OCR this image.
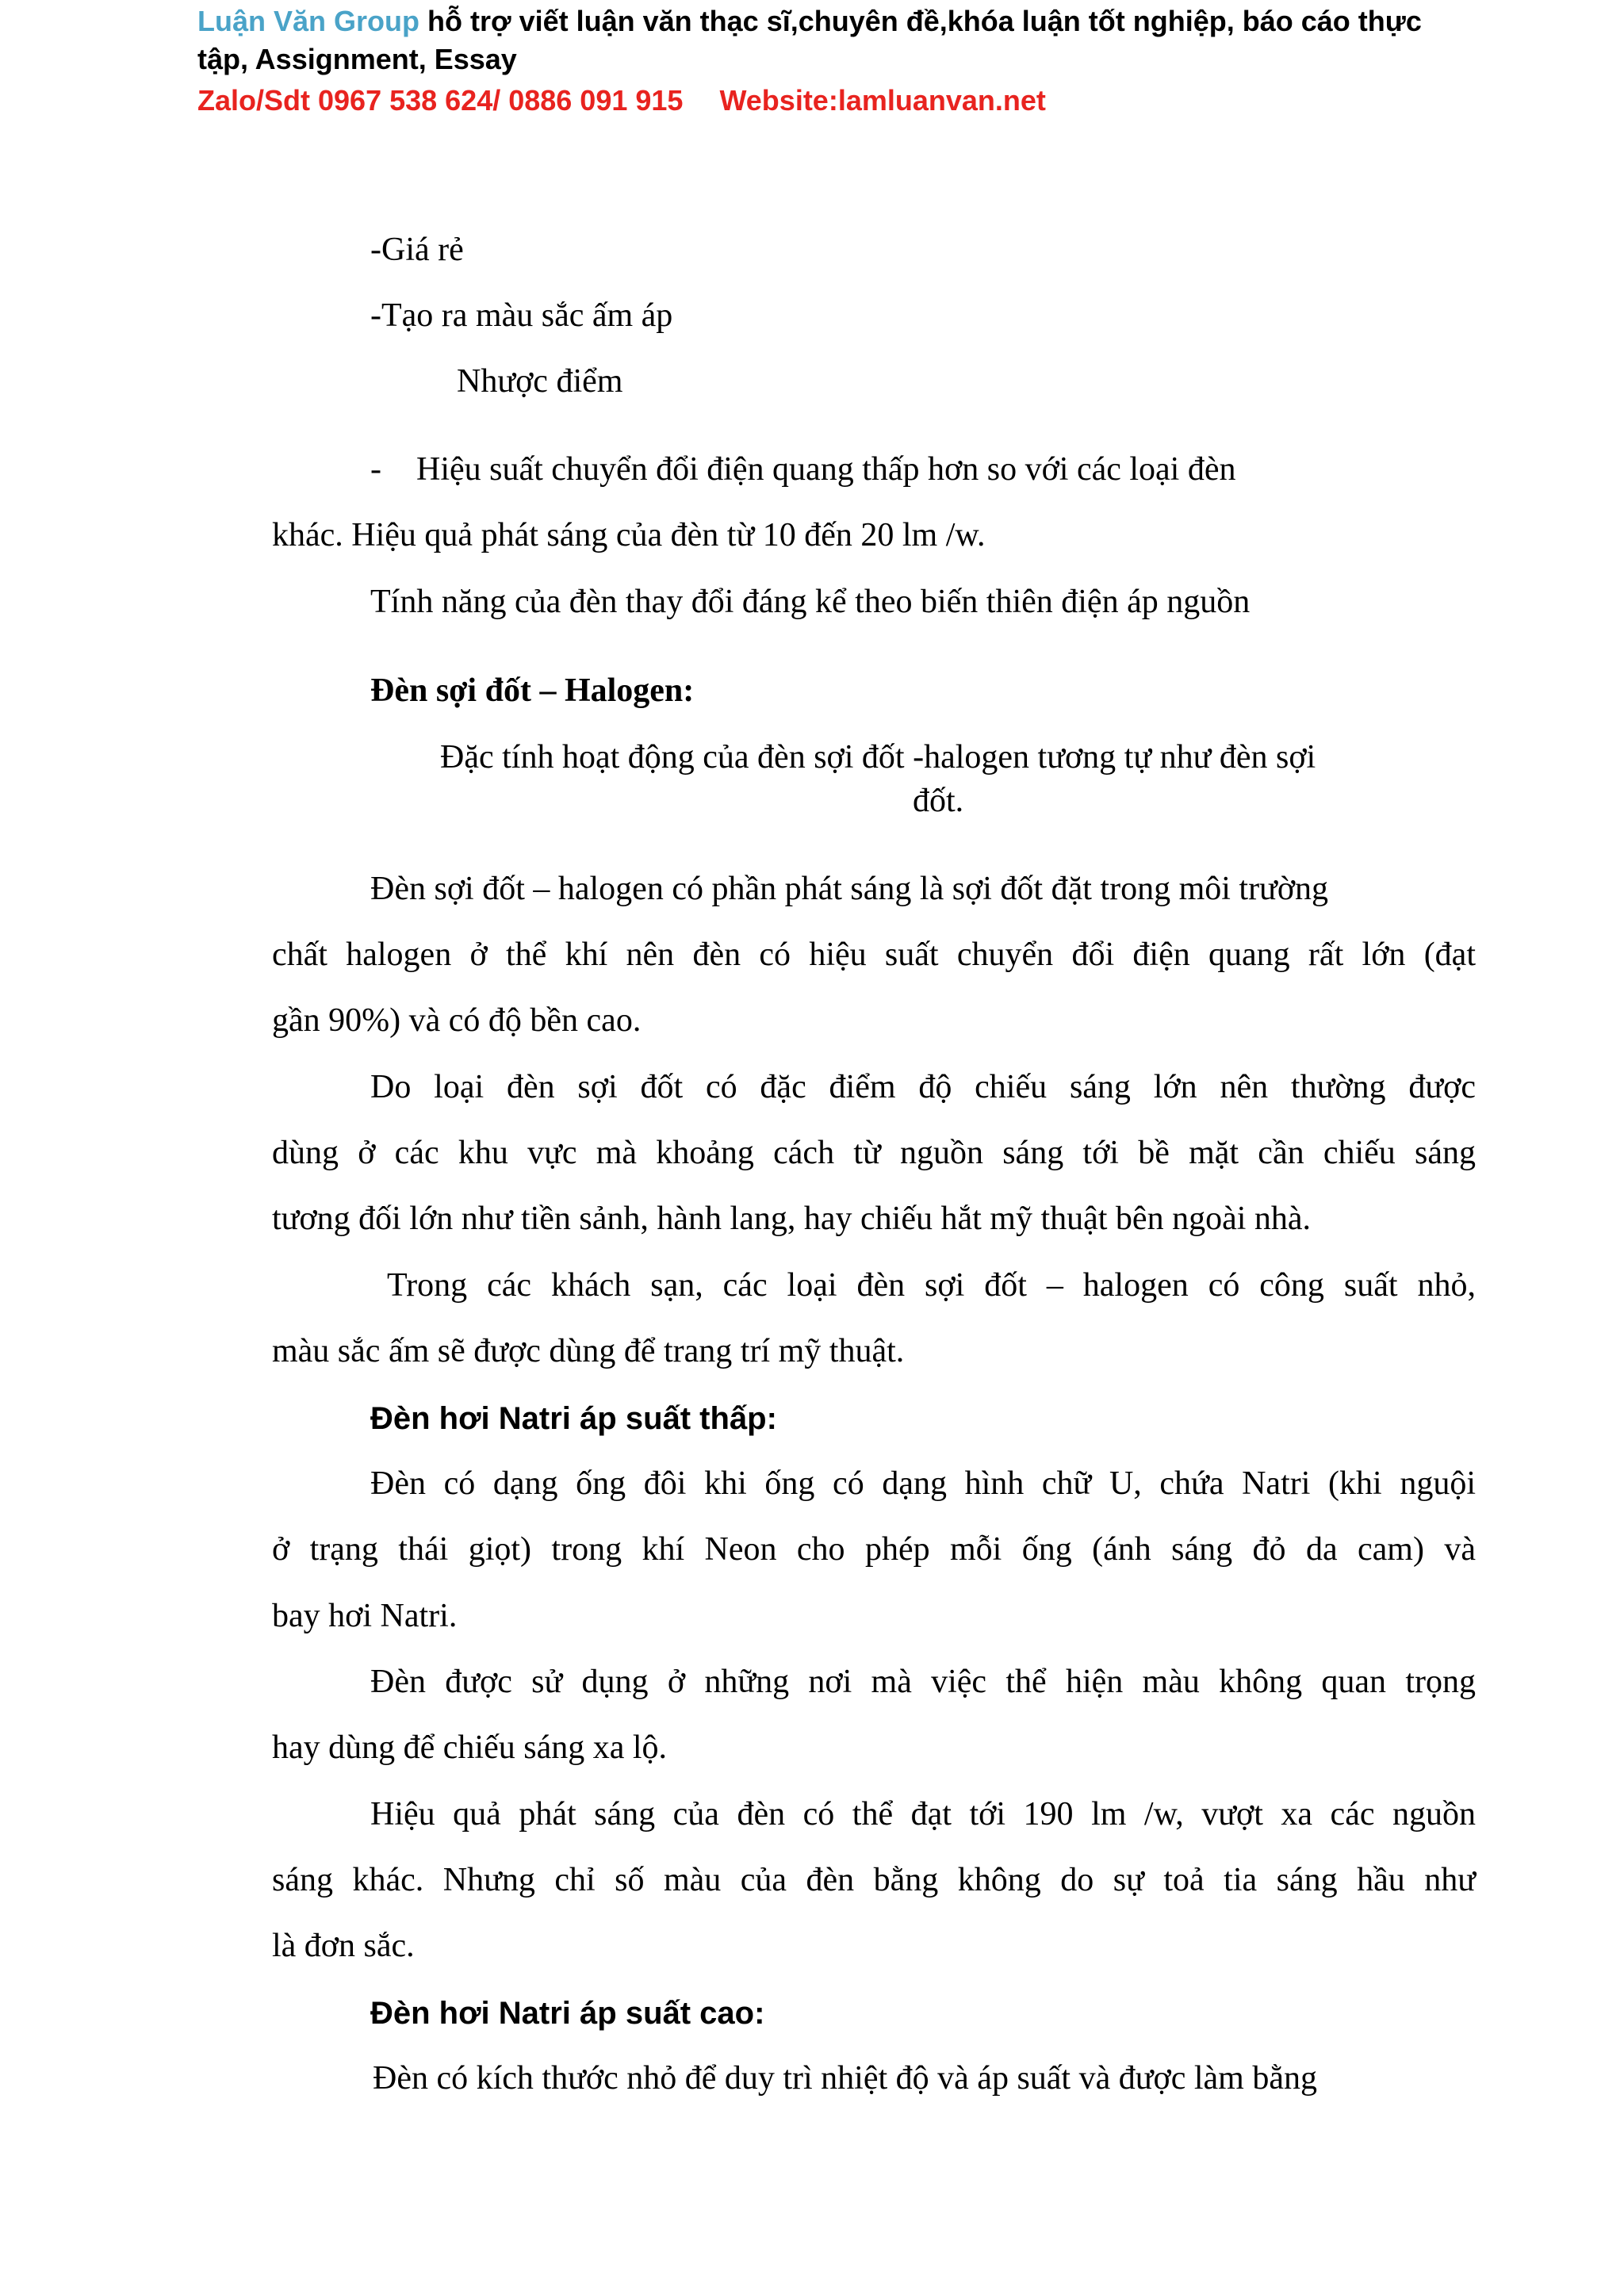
Luận Văn Group hỗ trợ viết luận văn thạc sĩ,chuyên đề,khóa luận tốt nghiệp, báo cáo thực
tập, Assignment, Essay
Zalo/Sdt 0967 538 624/ 0886 091 915 Website:lamluanvan.net
-Giá rẻ
-Tạo ra màu sắc ấm áp
Nhược điểm
- Hiệu suất chuyển đổi điện quang thấp hơn so với các loại đèn
khác. Hiệu quả phát sáng của đèn từ 10 đến 20 lm /w.
Tính năng của đèn thay đổi đáng kể theo biến thiên điện áp nguồn
Đèn sợi đốt – Halogen:
Đặc tính hoạt động của đèn sợi đốt -halogen tương tự như đèn sợi
đốt.
Đèn sợi đốt – halogen có phần phát sáng là sợi đốt đặt trong môi trường
chất halogen ở thể khí nên đèn có hiệu suất chuyển đổi điện quang rất lớn (đạt
gần 90%) và có độ bền cao.
Do loại đèn sợi đốt có đặc điểm độ chiếu sáng lớn nên thường được
dùng ở các khu vực mà khoảng cách từ nguồn sáng tới bề mặt cần chiếu sáng
tương đối lớn như tiền sảnh, hành lang, hay chiếu hắt mỹ thuật bên ngoài nhà.
Trong các khách sạn, các loại đèn sợi đốt – halogen có công suất nhỏ,
màu sắc ấm sẽ được dùng để trang trí mỹ thuật.
Đèn hơi Natri áp suất thấp:
Đèn có dạng ống đôi khi ống có dạng hình chữ U, chứa Natri (khi nguội
ở trạng thái giọt) trong khí Neon cho phép mỗi ống (ánh sáng đỏ da cam) và
bay hơi Natri.
Đèn được sử dụng ở những nơi mà việc thể hiện màu không quan trọng
hay dùng để chiếu sáng xa lộ.
Hiệu quả phát sáng của đèn có thể đạt tới 190 lm /w, vượt xa các nguồn
sáng khác. Nhưng chỉ số màu của đèn bằng không do sự toả tia sáng hầu như
là đơn sắc.
Đèn hơi Natri áp suất cao:
Đèn có kích thước nhỏ để duy trì nhiệt độ và áp suất và được làm bằng
